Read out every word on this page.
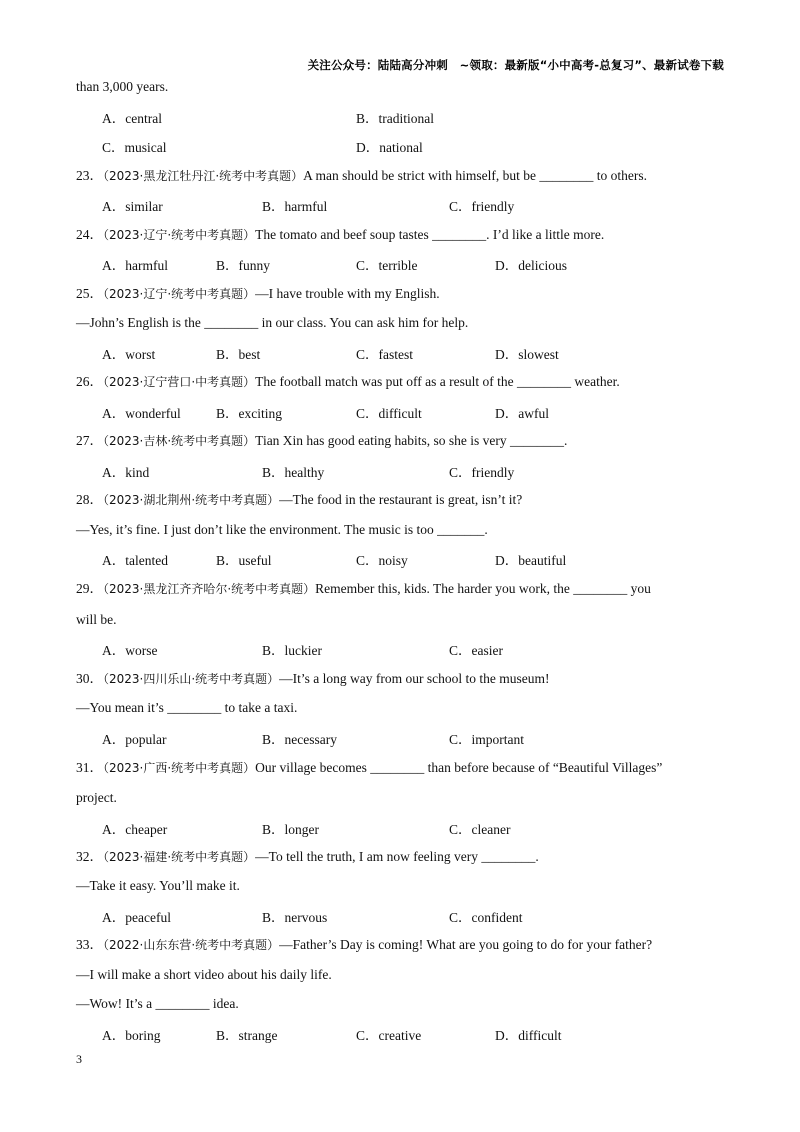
关注公众号：陆陆高分冲刺　~领取：最新版“小中高考-总复习”、最新试卷下载
than 3,000 years.
A．central	B．traditional
C．musical	D．national
23．（2023·黑龙江牡丹江·统考中考真题）A man should be strict with himself, but be ________ to others.
A．similar	B．harmful	C．friendly
24．（2023·辽宁·统考中考真题）The tomato and beef soup tastes ________. I’d like a little more.
A．harmful	B．funny	C．terrible	D．delicious
25．（2023·辽宁·统考中考真题）—I have trouble with my English.
—John’s English is the ________ in our class. You can ask him for help.
A．worst	B．best	C．fastest	D．slowest
26．（2023·辽宁营口·中考真题）The football match was put off as a result of the ________ weather.
A．wonderful	B．exciting	C．difficult	D．awful
27．（2023·吉林·统考中考真题）Tian Xin has good eating habits, so she is very ________.
A．kind	B．healthy	C．friendly
28．（2023·湖北荆州·统考中考真题）—The food in the restaurant is great, isn’t it?
—Yes, it’s fine. I just don’t like the environment. The music is too _______.
A．talented	B．useful	C．noisy	D．beautiful
29．（2023·黑龙江齐齐哈尔·统考中考真题）Remember this, kids. The harder you work, the ________ you
will be.
A．worse	B．luckier	C．easier
30．（2023·四川乐山·统考中考真题）—It’s a long way from our school to the museum!
—You mean it’s ________ to take a taxi.
A．popular	B．necessary	C．important
31．（2023·广西·统考中考真题）Our village becomes ________ than before because of “Beautiful Villages”
project.
A．cheaper	B．longer	C．cleaner
32．（2023·福建·统考中考真题）—To tell the truth, I am now feeling very ________.
—Take it easy. You’ll make it.
A．peaceful	B．nervous	C．confident
33．（2022·山东东营·统考中考真题）—Father’s Day is coming! What are you going to do for your father?
—I will make a short video about his daily life.
—Wow! It’s a ________ idea.
A．boring	B．strange	C．creative	D．difficult
3
